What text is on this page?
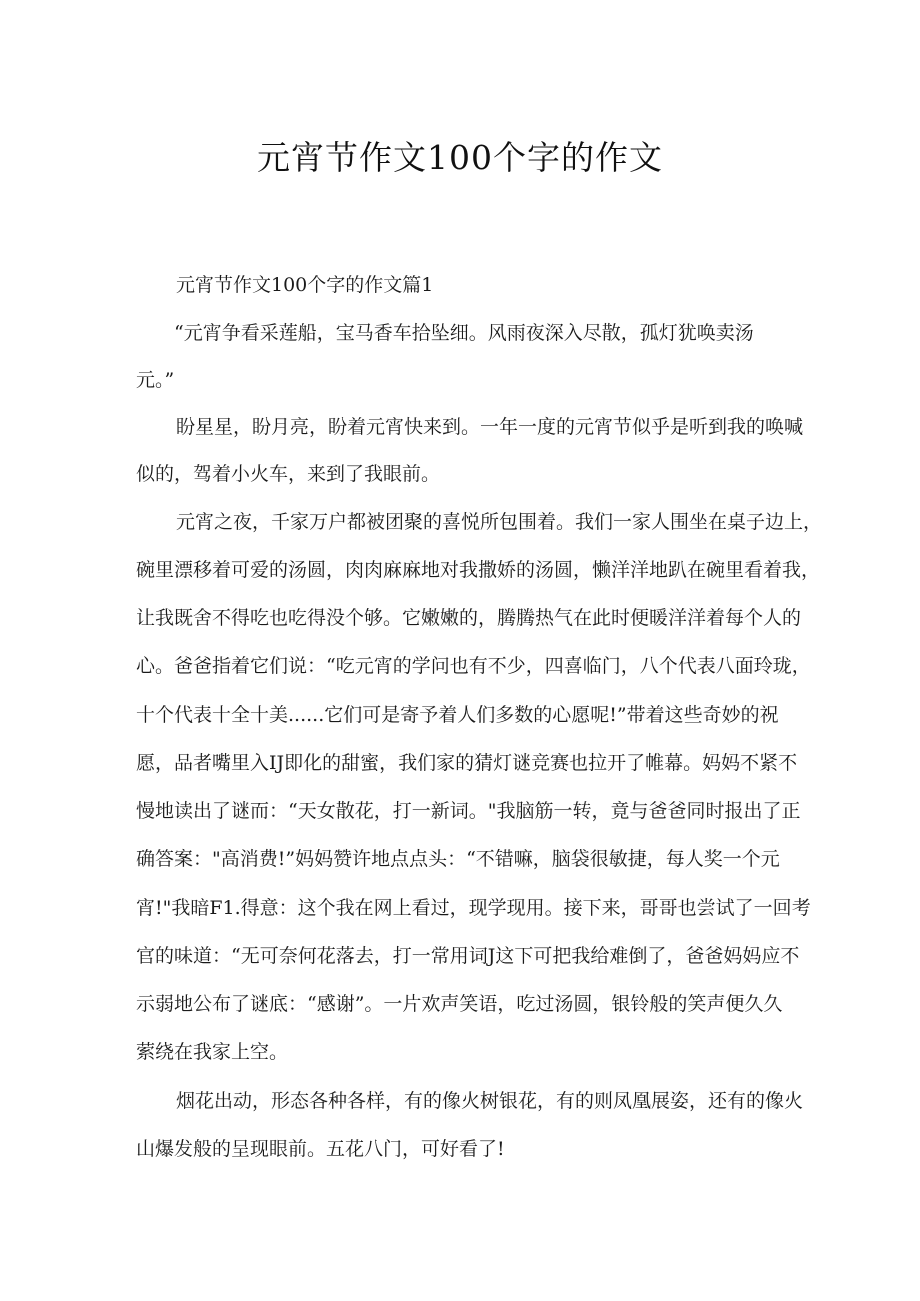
元宵节作文100个字的作文
元宵节作文100个字的作文篇1
“元宵争看采莲船，宝马香车拾坠细。风雨夜深入尽散，孤灯犹唤卖汤
元。”
盼星星，盼月亮，盼着元宵快来到。一年一度的元宵节似乎是听到我的唤喊
似的，驾着小火车，来到了我眼前。
元宵之夜，千家万户都被团聚的喜悦所包围着。我们一家人围坐在桌子边上，
碗里漂移着可爱的汤圆，肉肉麻麻地对我撒娇的汤圆，懒洋洋地趴在碗里看着我，
让我既舍不得吃也吃得没个够。它嫩嫩的，腾腾热气在此时便暖洋洋着每个人的
心。爸爸指着它们说：“吃元宵的学问也有不少，四喜临门，八个代表八面玲珑，
十个代表十全十美......它们可是寄予着人们多数的心愿呢!”带着这些奇妙的祝
愿，品者嘴里入IJ即化的甜蜜，我们家的猜灯谜竞赛也拉开了帷幕。妈妈不紧不
慢地读出了谜而：“天女散花，打一新词。"我脑筋一转，竟与爸爸同时报出了正
确答案："高消费!”妈妈赞许地点点头：“不错嘛，脑袋很敏捷，每人奖一个元
宵!"我暗F1.得意：这个我在网上看过，现学现用。接下来，哥哥也尝试了一回考
官的味道：“无可奈何花落去，打一常用词J这下可把我给难倒了，爸爸妈妈应不
示弱地公布了谜底：“感谢”。一片欢声笑语，吃过汤圆，银铃般的笑声便久久
萦绕在我家上空。
烟花出动，形态各种各样，有的像火树银花，有的则凤凰展姿，还有的像火
山爆发般的呈现眼前。五花八门，可好看了!
